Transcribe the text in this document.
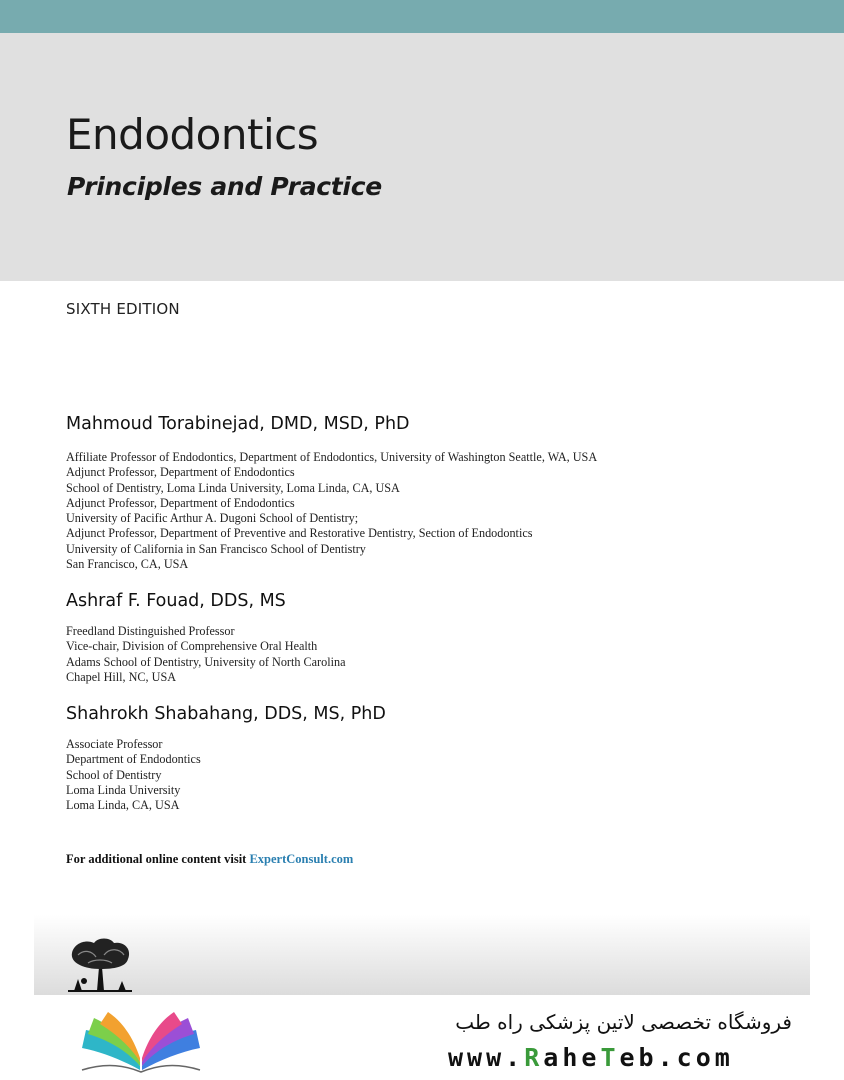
Endodontics
Principles and Practice
SIXTH EDITION
Mahmoud Torabinejad, DMD, MSD, PhD
Affiliate Professor of Endodontics, Department of Endodontics, University of Washington Seattle, WA, USA
Adjunct Professor, Department of Endodontics
School of Dentistry, Loma Linda University, Loma Linda, CA, USA
Adjunct Professor, Department of Endodontics
University of Pacific Arthur A. Dugoni School of Dentistry;
Adjunct Professor, Department of Preventive and Restorative Dentistry, Section of Endodontics
University of California in San Francisco School of Dentistry
San Francisco, CA, USA
Ashraf F. Fouad, DDS, MS
Freedland Distinguished Professor
Vice-chair, Division of Comprehensive Oral Health
Adams School of Dentistry, University of North Carolina
Chapel Hill, NC, USA
Shahrokh Shabahang, DDS, MS, PhD
Associate Professor
Department of Endodontics
School of Dentistry
Loma Linda University
Loma Linda, CA, USA
For additional online content visit ExpertConsult.com
فروشگاه تخصصی لاتین پزشکی راه طب
www.RaheTeb.com
